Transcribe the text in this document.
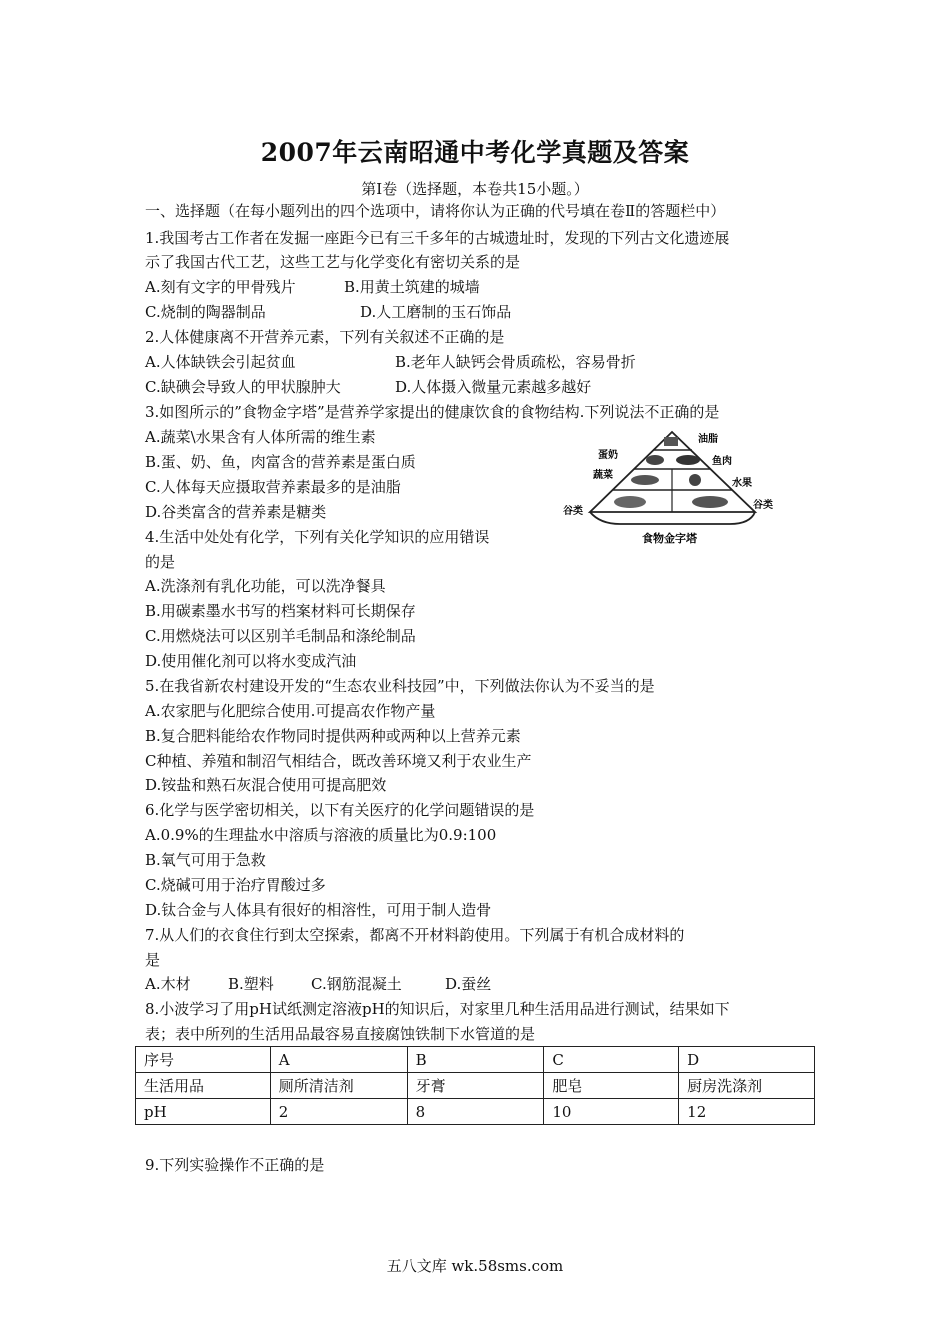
2007年云南昭通中考化学真题及答案
第Ⅰ卷（选择题，本卷共15小题。）
一、选择题（在每小题列出的四个选项中，请将你认为正确的代号填在卷Ⅱ的答题栏中）
1.我国考古工作者在发掘一座距今已有三千多年的古城遗址时，发现的下列古文化遗迹展
示了我国古代工艺，这些工艺与化学变化有密切关系的是
A.刻有文字的甲骨残片	B.用黄土筑建的城墙
C.烧制的陶器制品	D.人工磨制的玉石饰品
2.人体健康离不开营养元素，下列有关叙述不正确的是
A.人体缺铁会引起贫血	B.老年人缺钙会骨质疏松，容易骨折
C.缺碘会导致人的甲状腺肿大	D.人体摄入微量元素越多越好
3.如图所示的”食物金字塔”是营养学家提出的健康饮食的食物结构.下列说法不正确的是
A.蔬菜\水果含有人体所需的维生素
B.蛋、奶、鱼，肉富含的营养素是蛋白质
C.人体每天应摄取营养素最多的是油脂
D.谷类富含的营养素是糖类
油脂
蛋奶
鱼肉
蔬菜
水果
谷类
谷类
食物金字塔
4.生活中处处有化学，下列有关化学知识的应用错误
的是
A.洗涤剂有乳化功能，可以洗净餐具
B.用碳素墨水书写的档案材料可长期保存
C.用燃烧法可以区别羊毛制品和涤纶制品
D.使用催化剂可以将水变成汽油
5.在我省新农村建设开发的“生态农业科技园”中，下列做法你认为不妥当的是
A.农家肥与化肥综合使用.可提高农作物产量
B.复合肥料能给农作物同时提供两种或两种以上营养元素
C种植、养殖和制沼气相结合，既改善环境又利于农业生产
D.铵盐和熟石灰混合使用可提高肥效
6.化学与医学密切相关，以下有关医疗的化学问题错误的是
A.0.9%的生理盐水中溶质与溶液的质量比为0.9:100
B.氧气可用于急救
C.烧碱可用于治疗胃酸过多
D.钛合金与人体具有很好的相溶性，可用于制人造骨
7.从人们的衣食住行到太空探索，都离不开材料韵使用。下列属于有机合成材料的
是
A.木材 B.塑料 C.钢筋混凝土	D.蚕丝
8.小波学习了用pH试纸测定溶液pH的知识后，对家里几种生活用品进行测试，结果如下
表；表中所列的生活用品最容易直接腐蚀铁制下水管道的是
序号	A	B	C	D
生活用品	厕所清洁剂	牙膏	肥皂	厨房洗涤剂
pH	2	8	10	12
9.下列实验操作不正确的是
五八文库 wk.58sms.com
